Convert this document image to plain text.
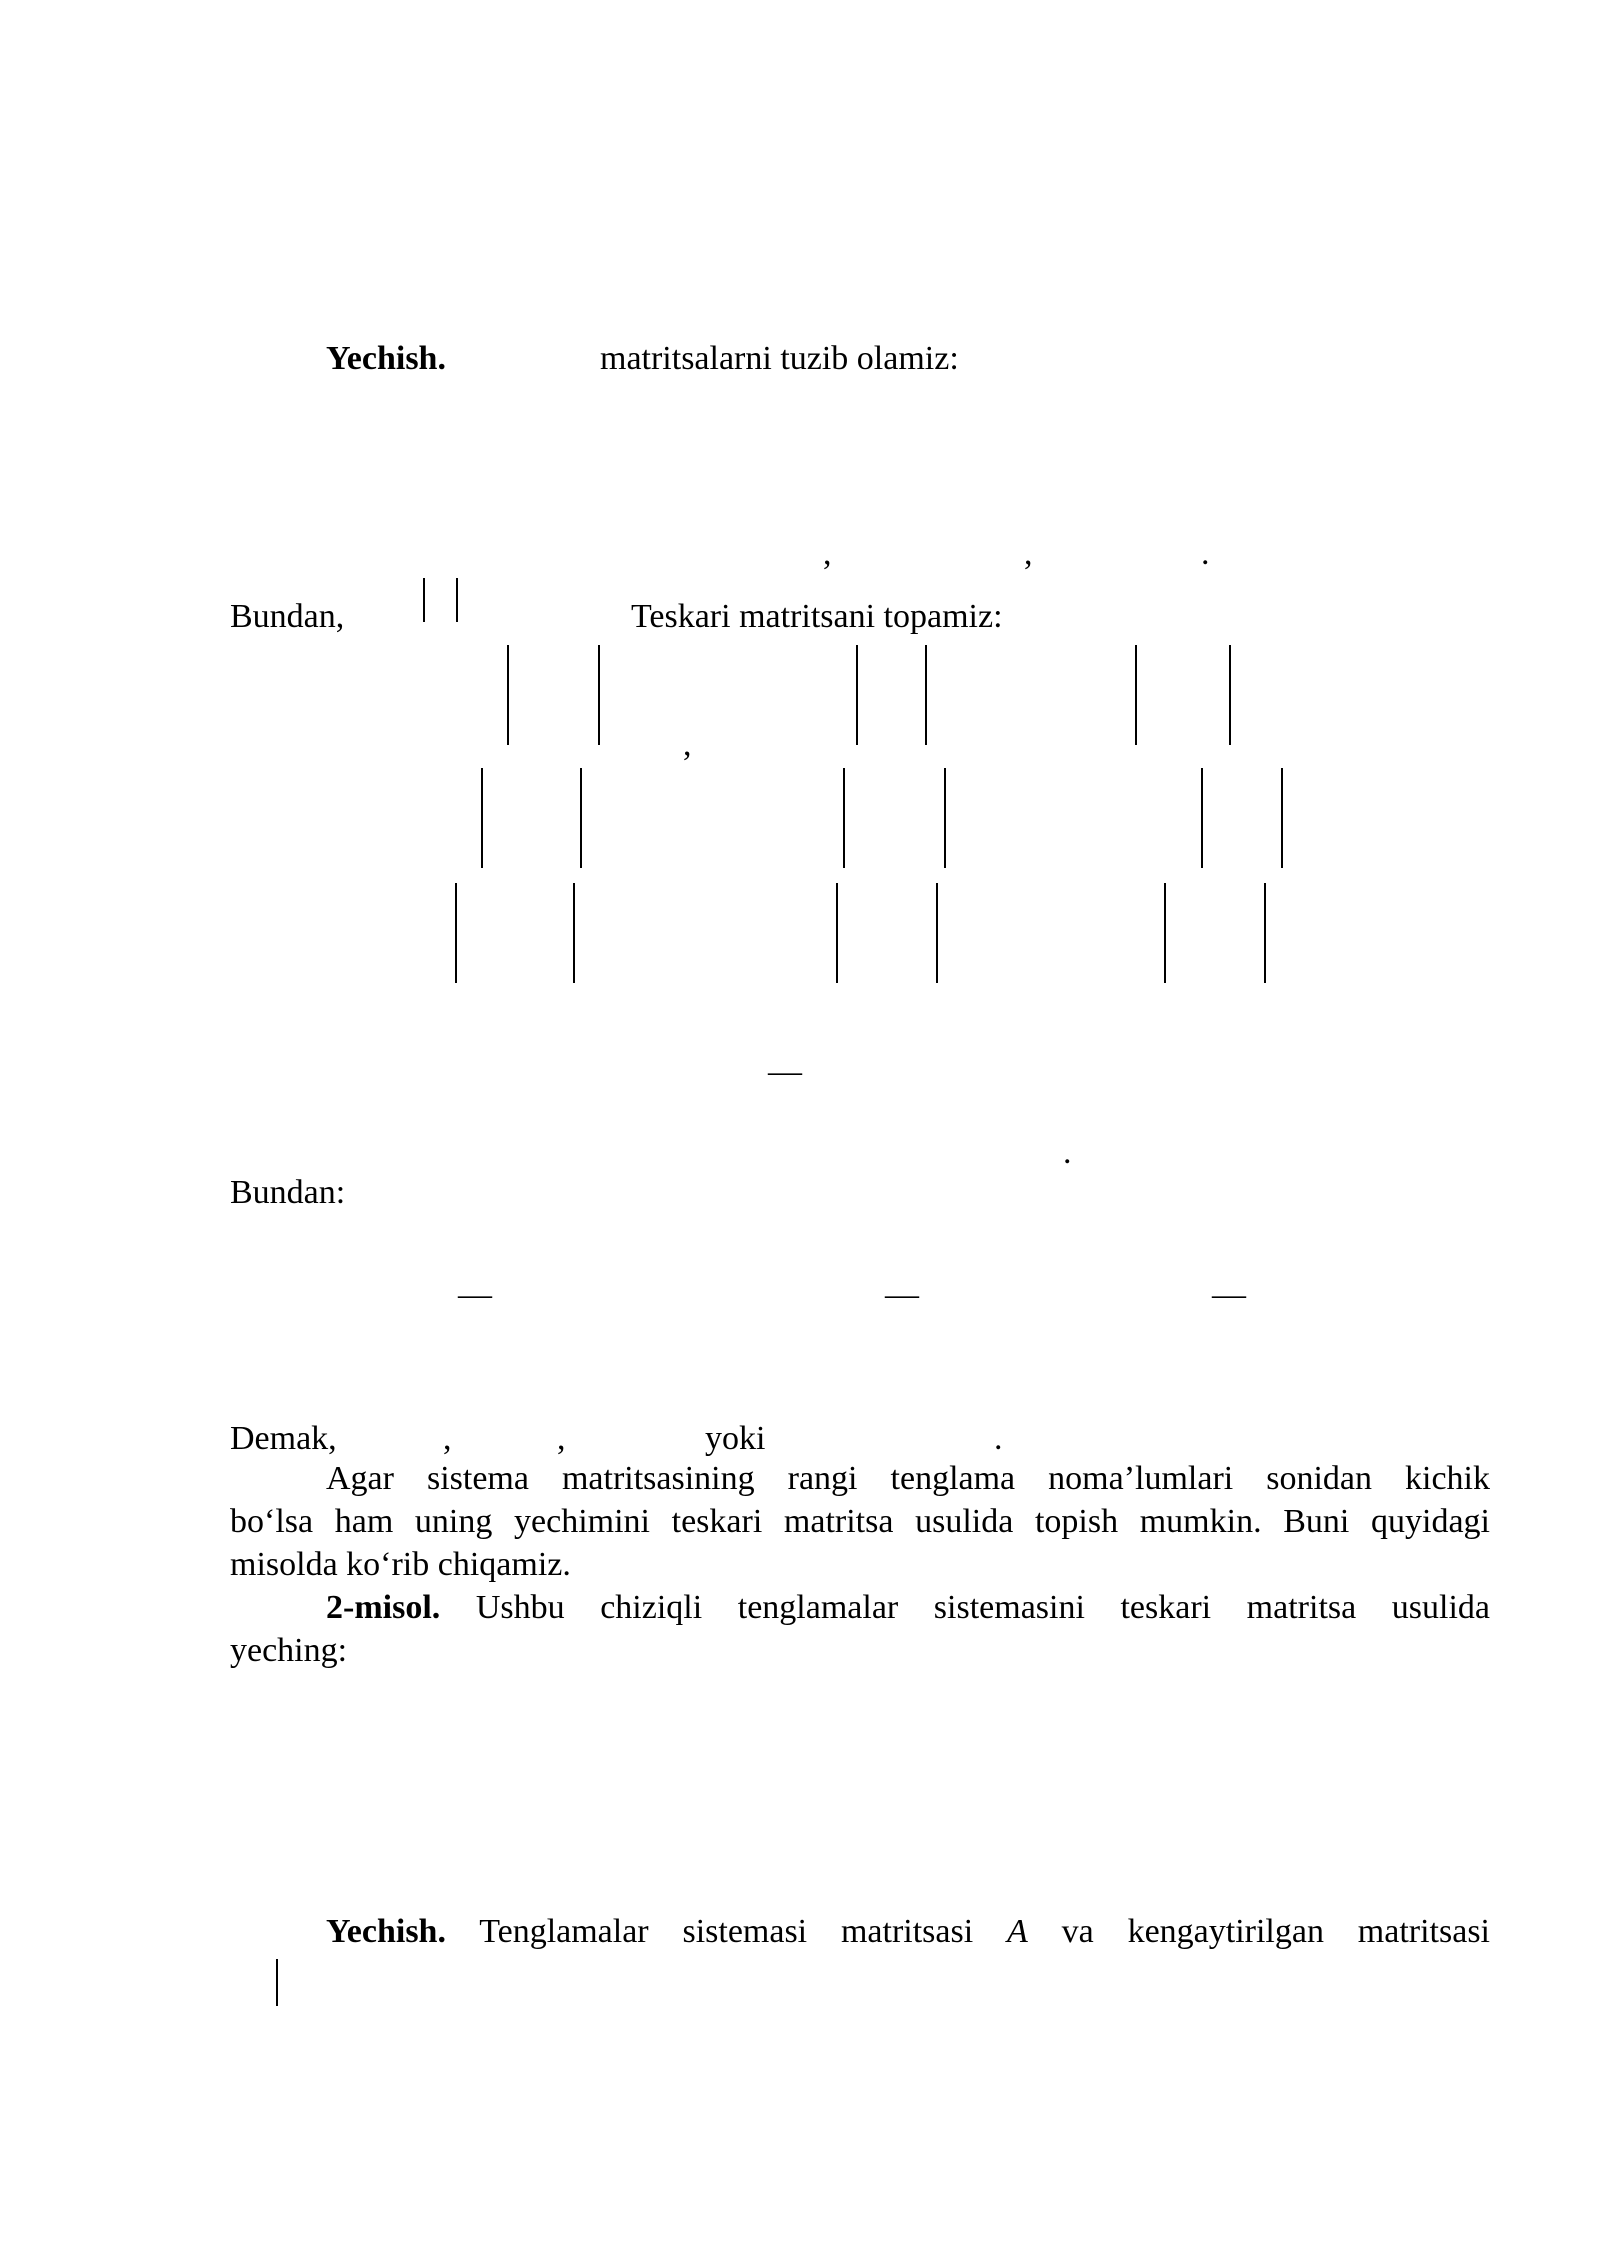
Yechish.	matritsalarni tuzib olamiz:
,	,	.
Bundan,	Teskari matritsani topamiz:
,
—
.
Bundan:
—	—	—
Demak,	,	,	yoki	.
Agar sistema matritsasining rangi tenglama noma’lumlari sonidan kichik
bo‘lsa ham uning yechimini teskari matritsa usulida topish mumkin. Buni quyidagi
misolda ko‘rib chiqamiz.
2-misol. Ushbu chiziqli tenglamalar sistemasini teskari matritsa usulida
yeching:
Yechish. Tenglamalar sistemasi matritsasi A va kengaytirilgan matritsasi
